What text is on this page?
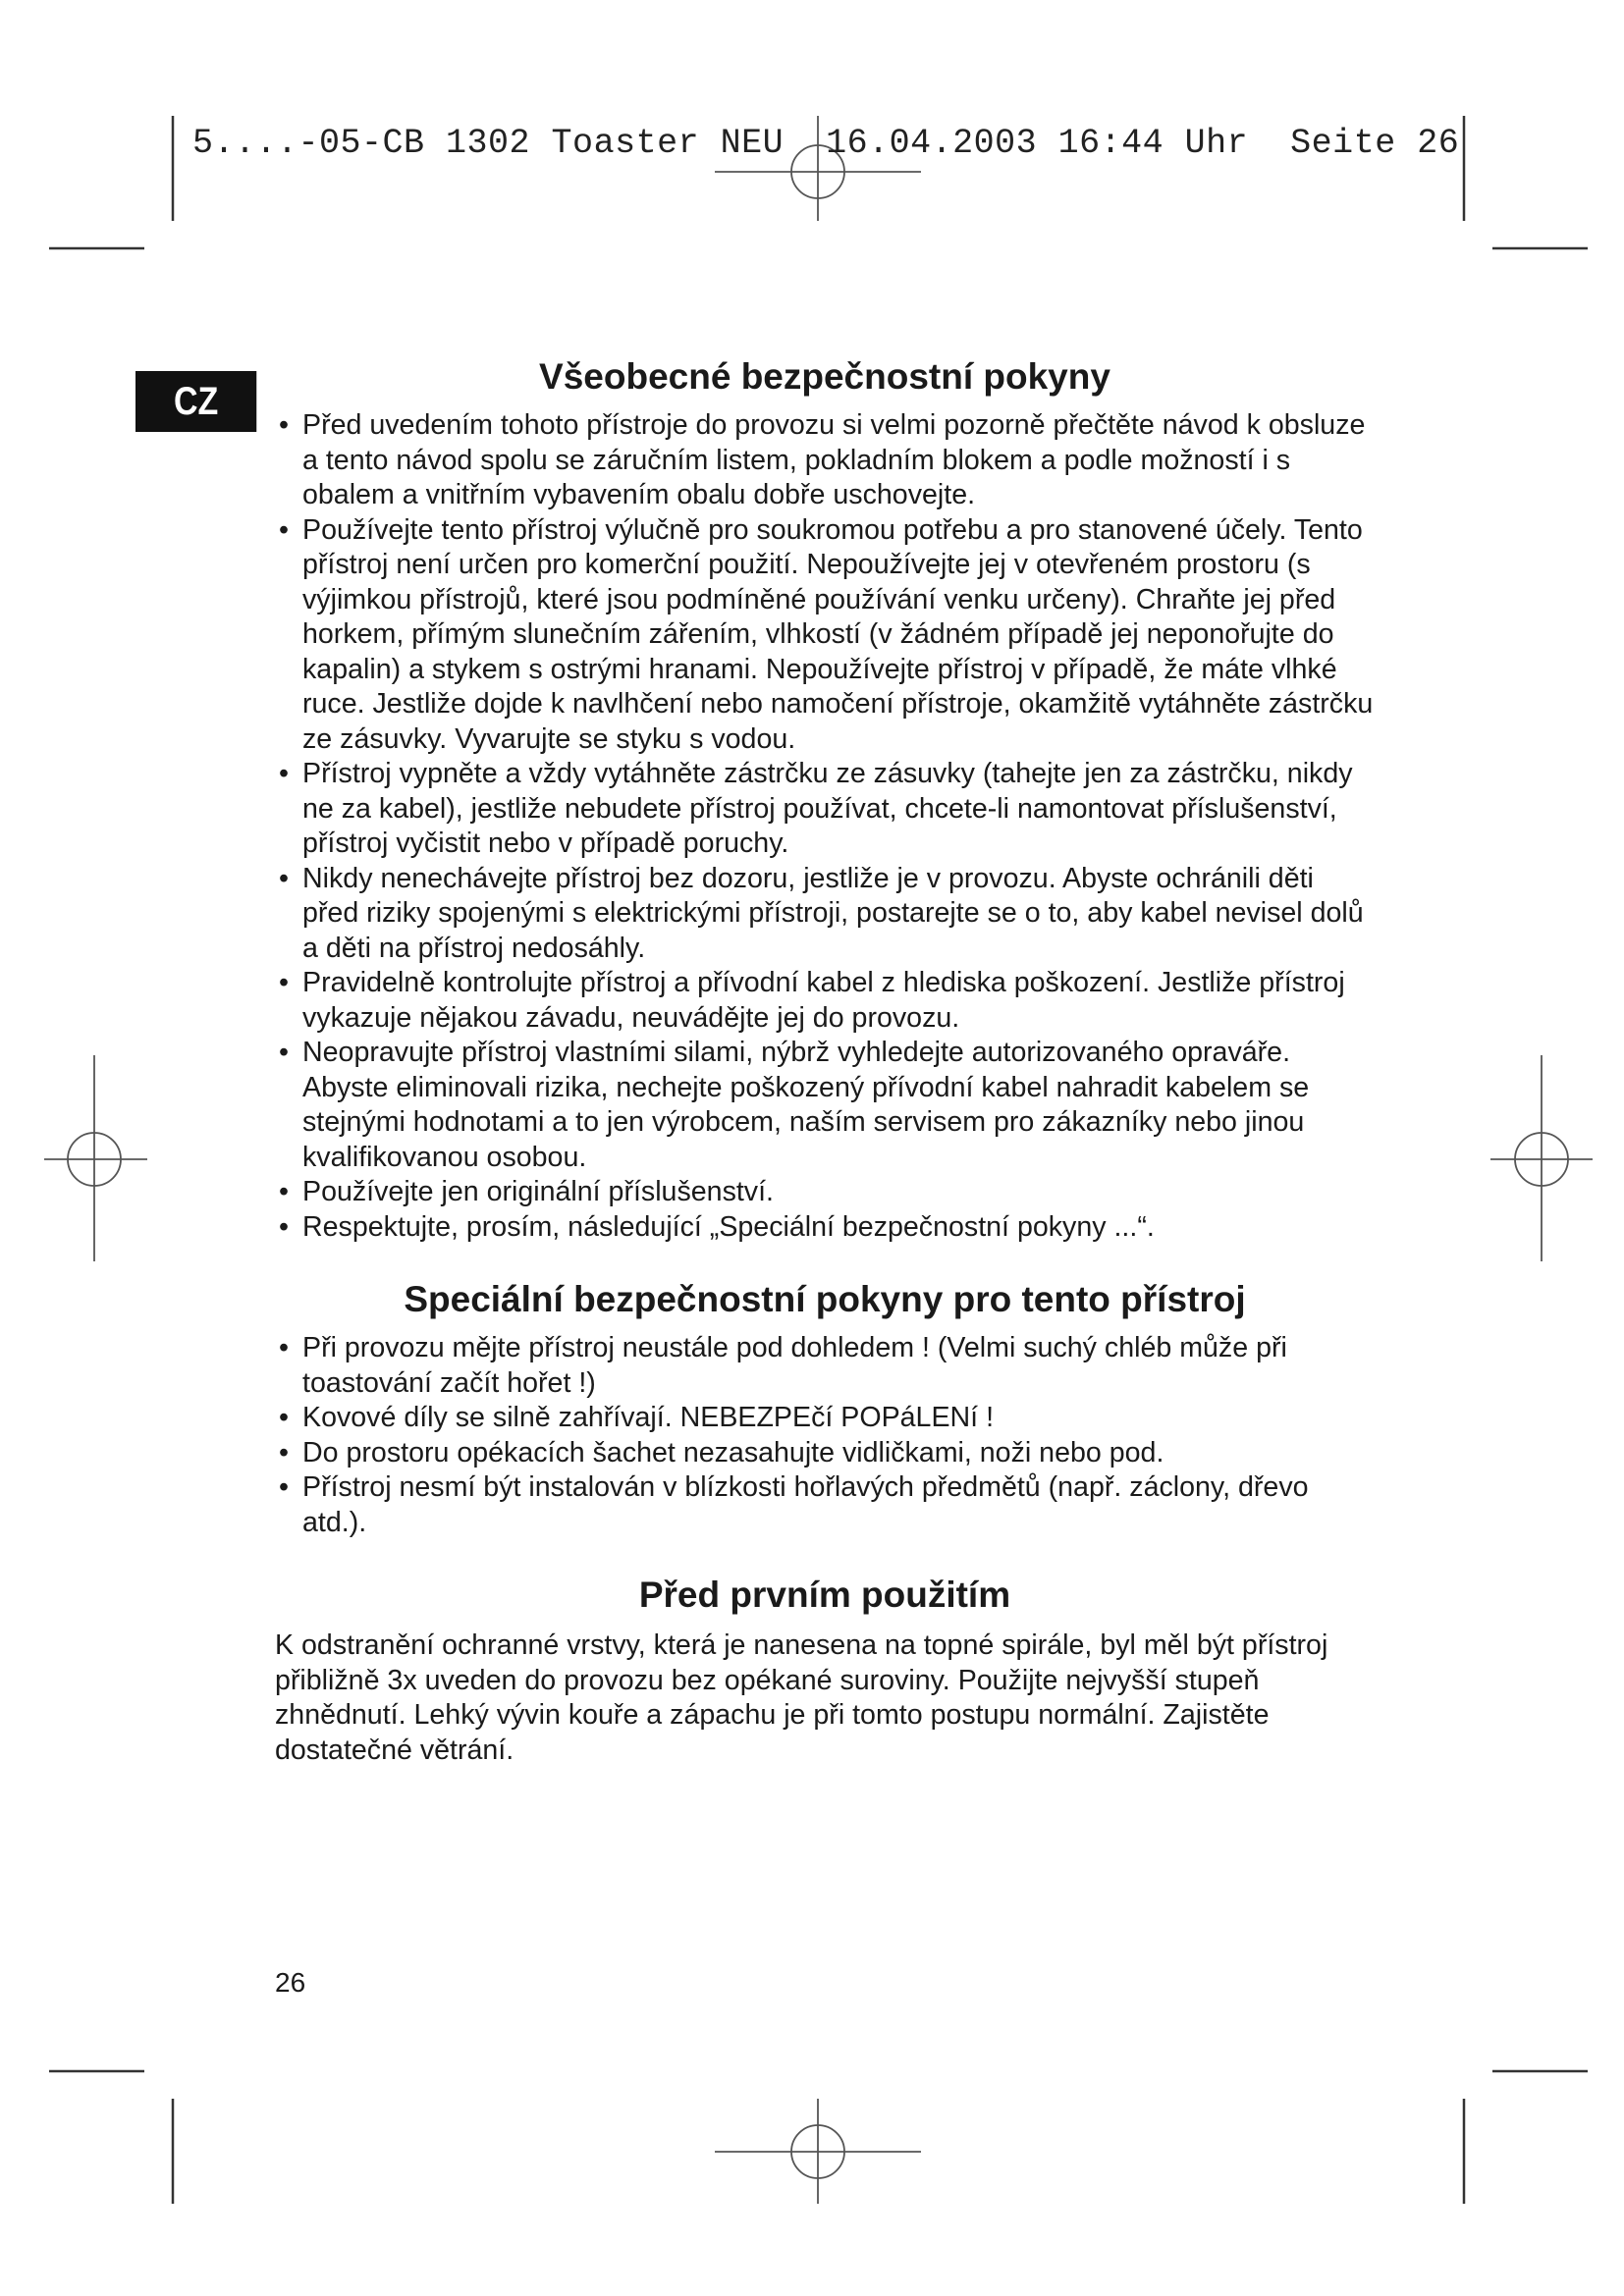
5....-05-CB 1302 Toaster NEU  16.04.2003 16:44 Uhr  Seite 26
CZ
Všeobecné bezpečnostní pokyny
• Před uvedením tohoto přístroje do provozu si velmi pozorně přečtěte návod k obsluze a tento návod spolu se záručním listem, pokladním blokem a podle možností i s obalem a vnitřním vybavením obalu dobře uschovejte.
• Používejte tento přístroj výlučně pro soukromou potřebu a pro stanovené účely. Tento přístroj není určen pro komerční použití. Nepoužívejte jej v otevřeném prostoru (s výjimkou přístrojů, které jsou podmíněné používání venku určeny). Chraňte jej před horkem, přímým slunečním zářením, vlhkostí (v žádném případě jej neponořujte do kapalin) a stykem s ostrými hranami. Nepoužívejte přístroj v případě, že máte vlhké ruce. Jestliže dojde k navlhčení nebo namočení přístroje, okamžitě vytáhněte zástrčku ze zásuvky. Vyvarujte se styku s vodou.
• Přístroj vypněte a vždy vytáhněte zástrčku ze zásuvky (tahejte jen za zástrčku, nikdy ne za kabel), jestliže nebudete přístroj používat, chcete-li namontovat příslušenství, přístroj vyčistit nebo v případě poruchy.
• Nikdy nenechávejte přístroj bez dozoru, jestliže je v provozu. Abyste ochránili děti před riziky spojenými s elektrickými přístroji, postarejte se o to, aby kabel nevisel dolů a děti na přístroj nedosáhly.
• Pravidelně kontrolujte přístroj a přívodní kabel z hlediska poškození. Jestliže přístroj vykazuje nějakou závadu, neuvádějte jej do provozu.
• Neopravujte přístroj vlastními silami, nýbrž vyhledejte autorizovaného opraváře. Abyste eliminovali rizika, nechejte poškozený přívodní kabel nahradit kabelem se stejnými hodnotami a to jen výrobcem, naším servisem pro zákazníky nebo jinou kvalifikovanou osobou.
• Používejte jen originální příslušenství.
• Respektujte, prosím, následující „Speciální bezpečnostní pokyny ...“.
Speciální bezpečnostní pokyny pro tento přístroj
• Při provozu mějte přístroj neustále pod dohledem ! (Velmi suchý chléb může při toastování začít hořet !)
• Kovové díly se silně zahřívají. NEBEZPEčí POPáLENí !
• Do prostoru opékacích šachet nezasahujte vidličkami, noži nebo pod.
• Přístroj nesmí být instalován v blízkosti hořlavých předmětů (např. záclony, dřevo atd.).
Před prvním použitím

K odstranění ochranné vrstvy, která je nanesena na topné spirále, byl měl být přístroj přibližně 3x uveden do provozu bez opékané suroviny. Použijte nejvyšší stupeň zhnědnutí. Lehký vývin kouře a zápachu je při tomto postupu normální. Zajistěte dostatečné větrání.

26
